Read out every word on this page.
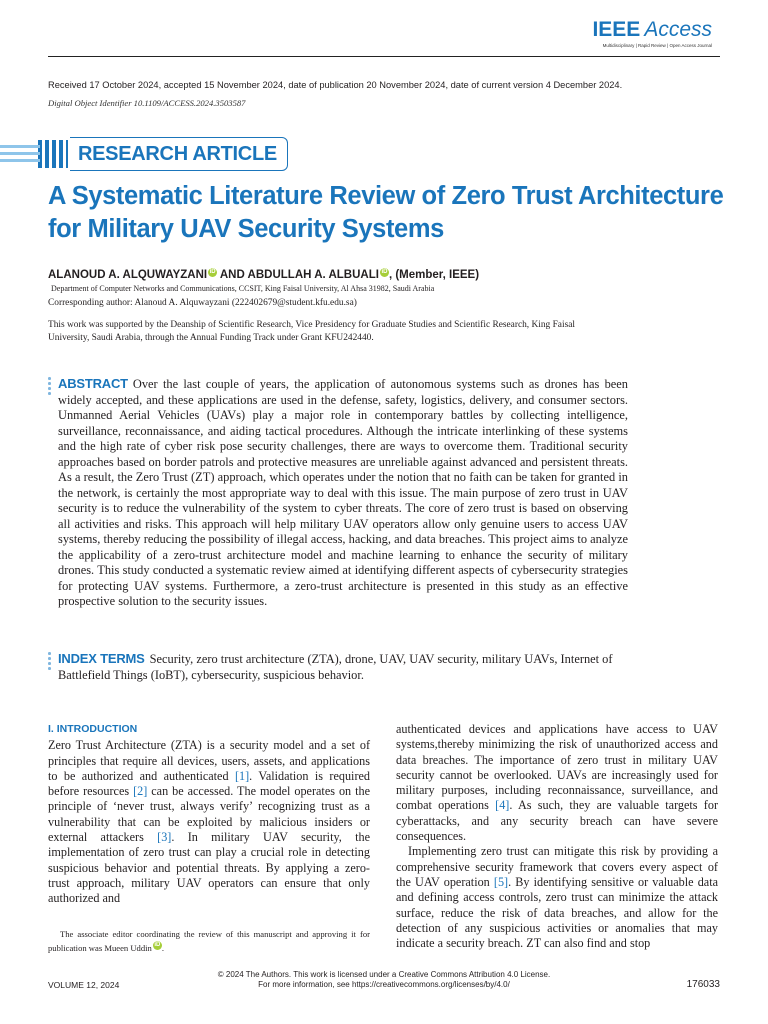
IEEE Access
Multidisciplinary | Rapid Review | Open Access Journal
Received 17 October 2024, accepted 15 November 2024, date of publication 20 November 2024, date of current version 4 December 2024.
Digital Object Identifier 10.1109/ACCESS.2024.3503587
RESEARCH ARTICLE
A Systematic Literature Review of Zero Trust Architecture for Military UAV Security Systems
ALANOUD A. ALQUWAYZANI iD AND ABDULLAH A. ALBUALI iD , (Member, IEEE)
Department of Computer Networks and Communications, CCSIT, King Faisal University, Al Ahsa 31982, Saudi Arabia
Corresponding author: Alanoud A. Alquwayzani (222402679@student.kfu.edu.sa)
This work was supported by the Deanship of Scientific Research, Vice Presidency for Graduate Studies and Scientific Research, King Faisal University, Saudi Arabia, through the Annual Funding Track under Grant KFU242440.
ABSTRACT Over the last couple of years, the application of autonomous systems such as drones has been widely accepted, and these applications are used in the defense, safety, logistics, delivery, and consumer sectors. Unmanned Aerial Vehicles (UAVs) play a major role in contemporary battles by collecting intelligence, surveillance, reconnaissance, and aiding tactical procedures. Although the intricate interlinking of these systems and the high rate of cyber risk pose security challenges, there are ways to overcome them. Traditional security approaches based on border patrols and protective measures are unreliable against advanced and persistent threats. As a result, the Zero Trust (ZT) approach, which operates under the notion that no faith can be taken for granted in the network, is certainly the most appropriate way to deal with this issue. The main purpose of zero trust in UAV security is to reduce the vulnerability of the system to cyber threats. The core of zero trust is based on observing all activities and risks. This approach will help military UAV operators allow only genuine users to access UAV systems, thereby reducing the possibility of illegal access, hacking, and data breaches. This project aims to analyze the applicability of a zero-trust architecture model and machine learning to enhance the security of military drones. This study conducted a systematic review aimed at identifying different aspects of cybersecurity strategies for protecting UAV systems. Furthermore, a zero-trust architecture is presented in this study as an effective prospective solution to the security issues.
INDEX TERMS Security, zero trust architecture (ZTA), drone, UAV, UAV security, military UAVs, Internet of Battlefield Things (IoBT), cybersecurity, suspicious behavior.
I. INTRODUCTION

Zero Trust Architecture (ZTA) is a security model and a set of principles that require all devices, users, assets, and applications to be authorized and authenticated [1]. Validation is required before resources [2] can be accessed. The model operates on the principle of ‘never trust, always verify’ recognizing trust as a vulnerability that can be exploited by malicious insiders or external attackers [3]. In military UAV security, the implementation of zero trust can play a crucial role in detecting suspicious behavior and potential threats. By applying a zero-trust approach, military UAV operators can ensure that only authorized and

authenticated devices and applications have access to UAV systems,thereby minimizing the risk of unauthorized access and data breaches. The importance of zero trust in military UAV security cannot be overlooked. UAVs are increasingly used for military purposes, including reconnaissance, surveillance, and combat operations [4]. As such, they are valuable targets for cyberattacks, and any security breach can have severe consequences.

Implementing zero trust can mitigate this risk by providing a comprehensive security framework that covers every aspect of the UAV operation [5]. By identifying sensitive or valuable data and defining access controls, zero trust can minimize the attack surface, reduce the risk of data breaches, and allow for the detection of any suspicious activities or anomalies that may indicate a security breach. ZT can also find and stop

The associate editor coordinating the review of this manuscript and approving it for publication was Mueen Uddin iD .
© 2024 The Authors. This work is licensed under a Creative Commons Attribution 4.0 License.
For more information, see https://creativecommons.org/licenses/by/4.0/
VOLUME 12, 2024	176033
